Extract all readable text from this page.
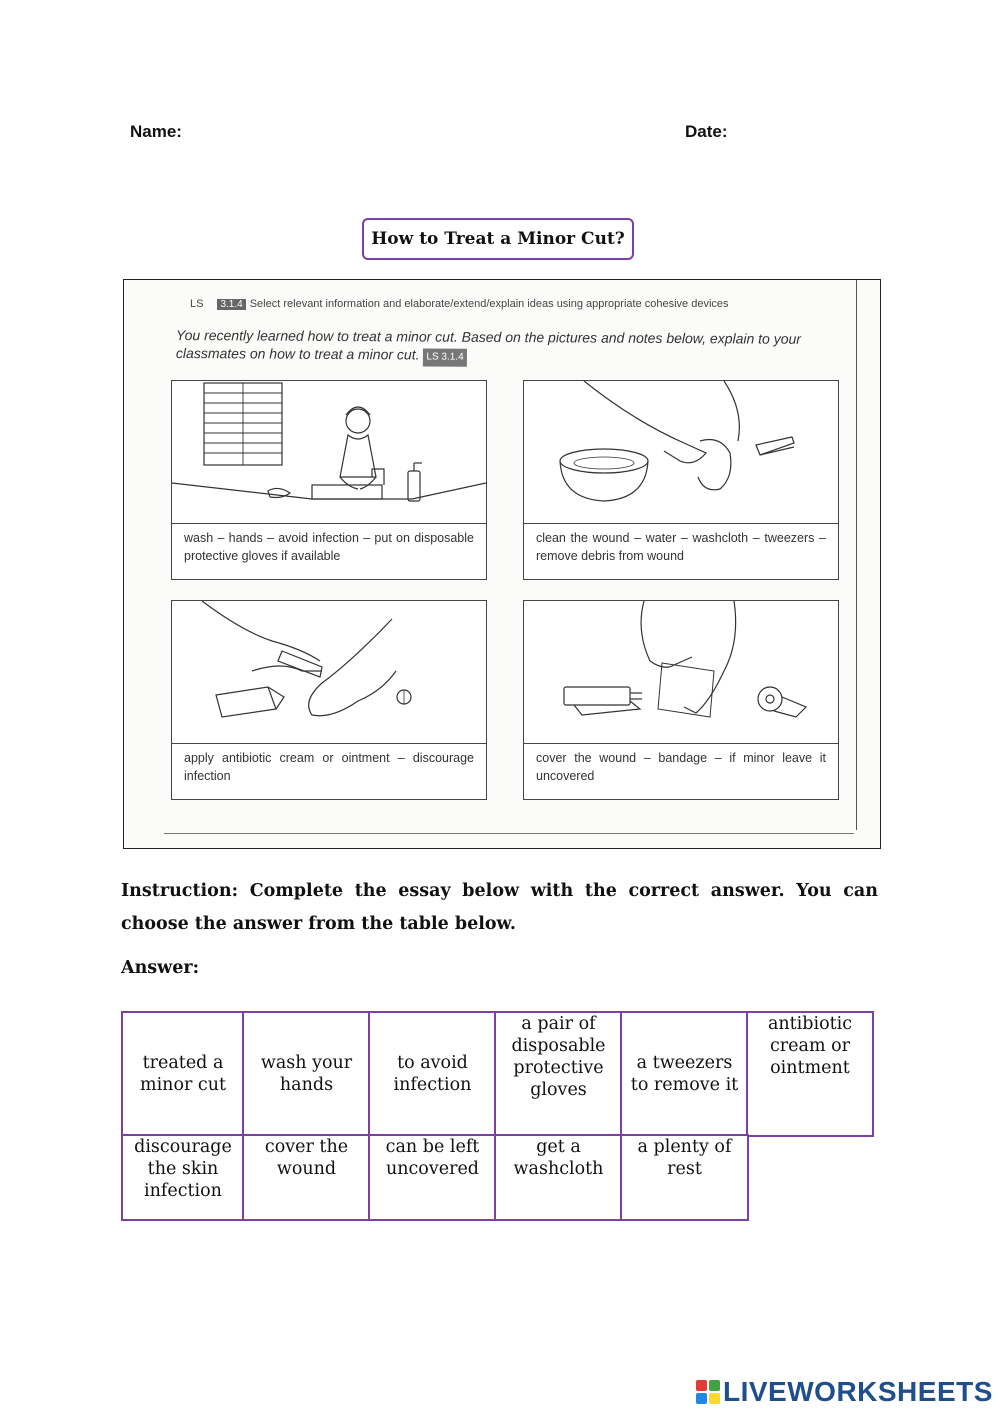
Name:	Date:
How to Treat a Minor Cut?
LS 3.1.4 Select relevant information and elaborate/extend/explain ideas using appropriate cohesive devices
You recently learned how to treat a minor cut. Based on the pictures and notes below, explain to your classmates on how to treat a minor cut. LS 3.1.4
wash – hands – avoid infection – put on disposable protective gloves if available
clean the wound – water – washcloth – tweezers – remove debris from wound
apply antibiotic cream or ointment – discourage infection
cover the wound – bandage – if minor leave it uncovered
Instruction: Complete the essay below with the correct answer. You can choose the answer from the table below.
Answer:
treated a minor cut
wash your hands
to avoid infection
a pair of disposable protective gloves
a tweezers to remove it
antibiotic cream or ointment
discourage the skin infection
cover the wound
can be left uncovered
get a washcloth
a plenty of rest
LIVEWORKSHEETS
